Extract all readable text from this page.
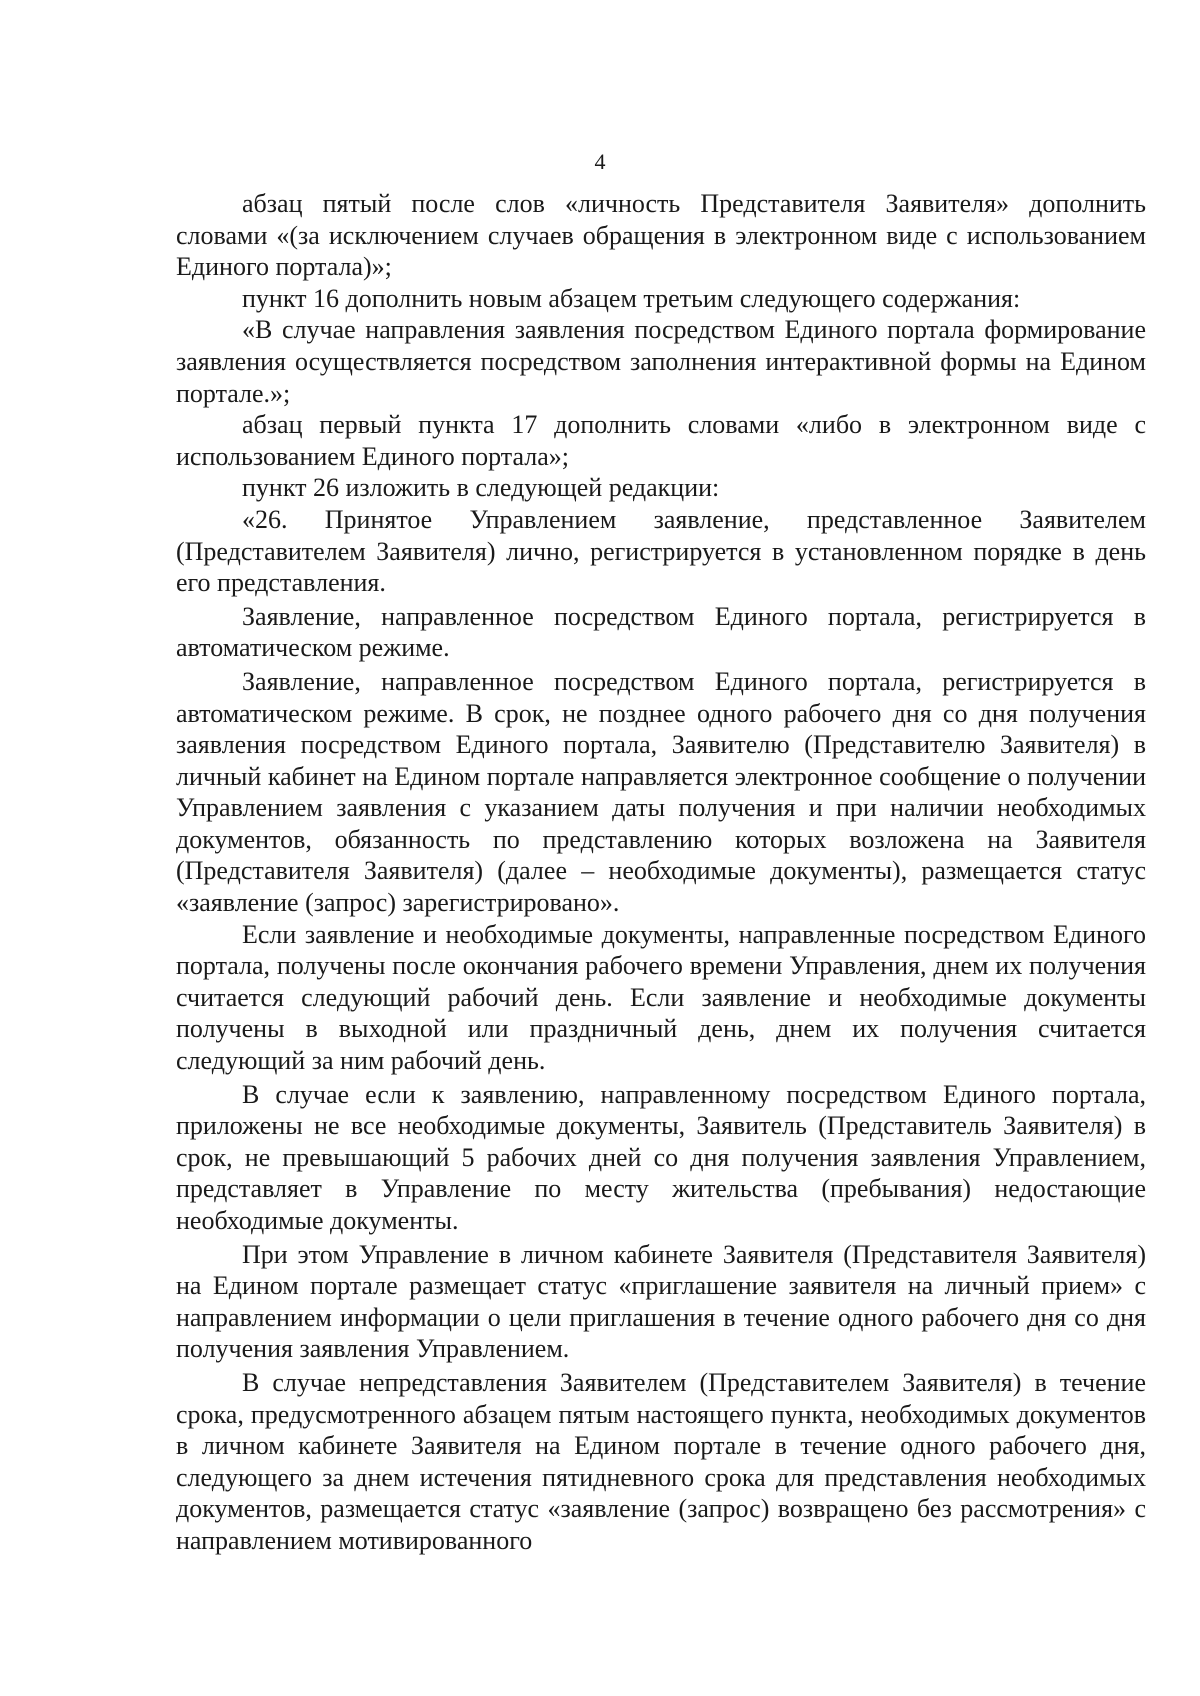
4

абзац пятый после слов «личность Представителя Заявителя» дополнить словами «(за исключением случаев обращения в электронном виде с использованием Единого портала)»;

пункт 16 дополнить новым абзацем третьим следующего содержания:

«В случае направления заявления посредством Единого портала формирование заявления осуществляется посредством заполнения интерактивной формы на Едином портале.»;

абзац первый пункта 17 дополнить словами «либо в электронном виде с использованием Единого портала»;

пункт 26 изложить в следующей редакции:

«26. Принятое Управлением заявление, представленное Заявителем (Представителем Заявителя) лично, регистрируется в установленном порядке в день его представления.

Заявление, направленное посредством Единого портала, регистрируется в автоматическом режиме.

Заявление, направленное посредством Единого портала, регистрируется в автоматическом режиме. В срок, не позднее одного рабочего дня со дня получения заявления посредством Единого портала, Заявителю (Представителю Заявителя) в личный кабинет на Едином портале направляется электронное сообщение о получении Управлением заявления с указанием даты получения и при наличии необходимых документов, обязанность по представлению которых возложена на Заявителя (Представителя Заявителя) (далее – необходимые документы), размещается статус «заявление (запрос) зарегистрировано».

Если заявление и необходимые документы, направленные посредством Единого портала, получены после окончания рабочего времени Управления, днем их получения считается следующий рабочий день. Если заявление и необходимые документы получены в выходной или праздничный день, днем их получения считается следующий за ним рабочий день.

В случае если к заявлению, направленному посредством Единого портала, приложены не все необходимые документы, Заявитель (Представитель Заявителя) в срок, не превышающий 5 рабочих дней со дня получения заявления Управлением, представляет в Управление по месту жительства (пребывания) недостающие необходимые документы.

При этом Управление в личном кабинете Заявителя (Представителя Заявителя) на Едином портале размещает статус «приглашение заявителя на личный прием» с направлением информации о цели приглашения в течение одного рабочего дня со дня получения заявления Управлением.

В случае непредставления Заявителем (Представителем Заявителя) в течение срока, предусмотренного абзацем пятым настоящего пункта, необходимых документов в личном кабинете Заявителя на Едином портале в течение одного рабочего дня, следующего за днем истечения пятидневного срока для представления необходимых документов, размещается статус «заявление (запрос) возвращено без рассмотрения» с направлением мотивированного
